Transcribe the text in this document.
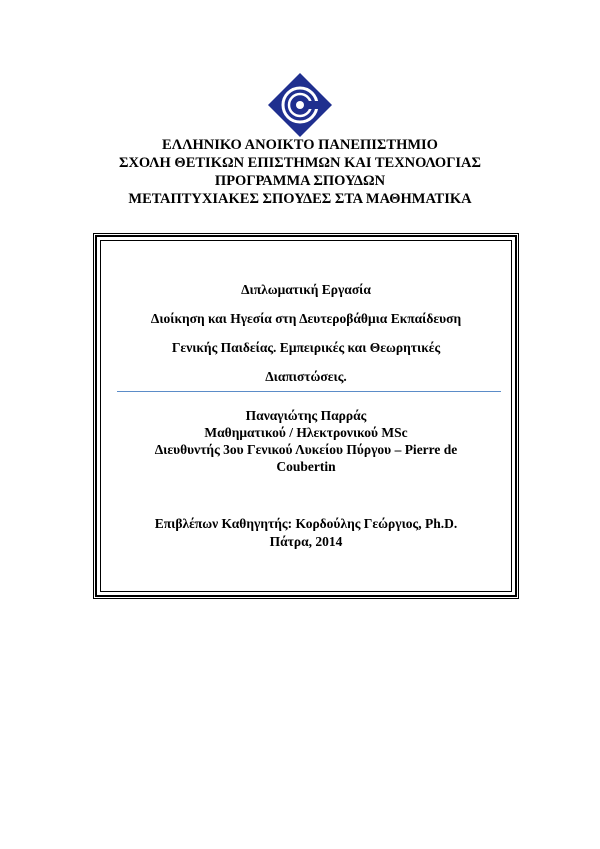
ΕΛΛΗΝΙΚΟ ΑΝΟΙΚΤΟ ΠΑΝΕΠΙΣΤΗΜΙΟ
ΣΧΟΛΗ ΘΕΤΙΚΩΝ ΕΠΙΣΤΗΜΩΝ ΚΑΙ ΤΕΧΝΟΛΟΓΙΑΣ
ΠΡΟΓΡΑΜΜΑ ΣΠΟΥΔΩΝ
ΜΕΤΑΠΤΥΧΙΑΚΕΣ ΣΠΟΥΔΕΣ ΣΤΑ ΜΑΘΗΜΑΤΙΚΑ
Διπλωματική Εργασία
Διοίκηση και Ηγεσία στη Δευτεροβάθμια Εκπαίδευση
Γενικής Παιδείας. Εμπειρικές και Θεωρητικές
Διαπιστώσεις.
Παναγιώτης Παρράς
Μαθηματικού / Ηλεκτρονικού MSc
Διευθυντής 3ου Γενικού Λυκείου Πύργου – Pierre de
Coubertin
Επιβλέπων Καθηγητής: Κορδούλης Γεώργιος, Ph.D.
Πάτρα, 2014
